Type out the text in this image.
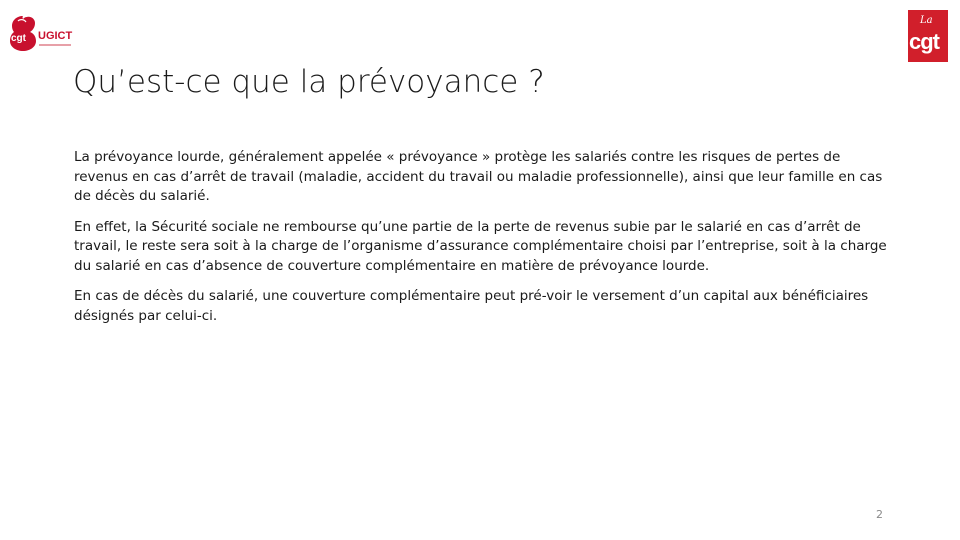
cgt UGICT
La
cgt
Qu’est-ce que la prévoyance ?

La prévoyance lourde, généralement appelée « prévoyance » protège les salariés contre les risques de pertes de revenus en cas d’arrêt de travail (maladie, accident du travail ou maladie professionnelle), ainsi que leur famille en cas de décès du salarié.

En effet, la Sécurité sociale ne rembourse qu’une partie de la perte de revenus subie par le salarié en cas d’arrêt de travail, le reste sera soit à la charge de l’organisme d’assurance complémentaire choisi par l’entreprise, soit à la charge du salarié en cas d’absence de couverture complémentaire en matière de prévoyance lourde.

En cas de décès du salarié, une couverture complémentaire peut pré-voir le versement d’un capital aux bénéficiaires désignés par celui-ci.

2
